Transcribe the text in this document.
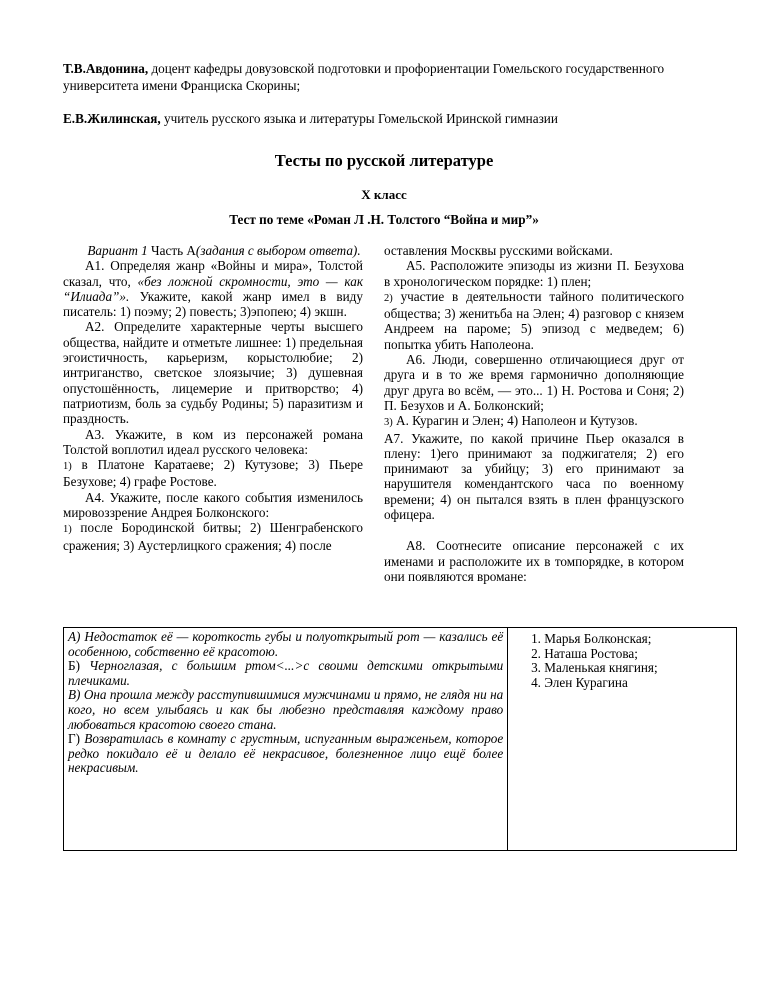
Т.В.Авдонина, доцент кафедры довузовской подготовки и профориентации Гомельского государственного университета имени Франциска Скорины;
Е.В.Жилинская, учитель русского языка и литературы Гомельской Иринской гимназии
Тесты по русской литературе
X класс
Тест по теме «Роман Л .Н. Толстого “Война и мир”»

Вариант 1 Часть А(задания с выбором ответа).

А1. Определяя жанр «Войны и мира», Толстой сказал, что, «без ложной скромности, это — как “Илиада”». Укажите, какой жанр имел в виду писатель: 1) поэму; 2) повесть; 3)эпопею; 4) экшн.

А2. Определите характерные черты высшего общества, найдите и отметьте лишнее: 1) предельная эгоистичность, карьеризм, корыстолюбие; 2) интриганство, светское злоязычие; 3) душевная опустошённость, лицемерие и притворство; 4) патриотизм, боль за судьбу Родины; 5) паразитизм и праздность.

А3. Укажите, в ком из персонажей романа Толстой воплотил идеал русского человека:

1) в Платоне Каратаеве; 2) Кутузове; 3) Пьере Безухове; 4) графе Ростове.

А4. Укажите, после какого события изменилось мировоззрение Андрея Болконского:

1) после Бородинской битвы; 2) Шенграбенского сражения; 3) Аустерлицкого сражения; 4) после

оставления Москвы русскими войсками.

А5. Расположите эпизоды из жизни П. Безухова в хронологическом порядке: 1) плен;

2) участие в деятельности тайного политического общества; 3) женитьба на Элен; 4) разговор с князем Андреем на пароме; 5) эпизод с медведем; 6) попытка убить Наполеона.

А6. Люди, совершенно отличающиеся друг от друга и в то же время гармонично дополняющие друг друга во всём, — это... 1) Н. Ростова и Соня; 2) П. Безухов и А. Болконский;

3) А. Курагин и Элен; 4) Наполеон и Кутузов.

А7. Укажите, по какой причине Пьер оказался в плену: 1)его принимают за поджигателя; 2) его принимают за убийцу; 3) его принимают за нарушителя комендантского часа по военному времени; 4) он пытался взять в плен французского офицера.

А8. Соотнесите описание персонажей с их именами и расположите их в томпорядке, в котором они появляются вромане:

А) Недостаток её — короткость губы и полуоткрытый рот — казались её особенною, собственно её красотою.

Б) Черноглазая, с большим ртом<...>с своими детскими открытыми плечиками.

В) Она прошла между расступившимися мужчинами и прямо, не глядя ни на кого, но всем улыбаясь и как бы любезно представляя каждому право любоваться красотою своего стана.

Г) Возвратилась в комнату с грустным, испуганным выраженьем, которое редко покидало её и делало её некрасивое, болезненное лицо ещё более некрасивым.

1. Марья Болконская;
2. Наташа Ростова;
3. Маленькая княгиня;
4. Элен Курагина
